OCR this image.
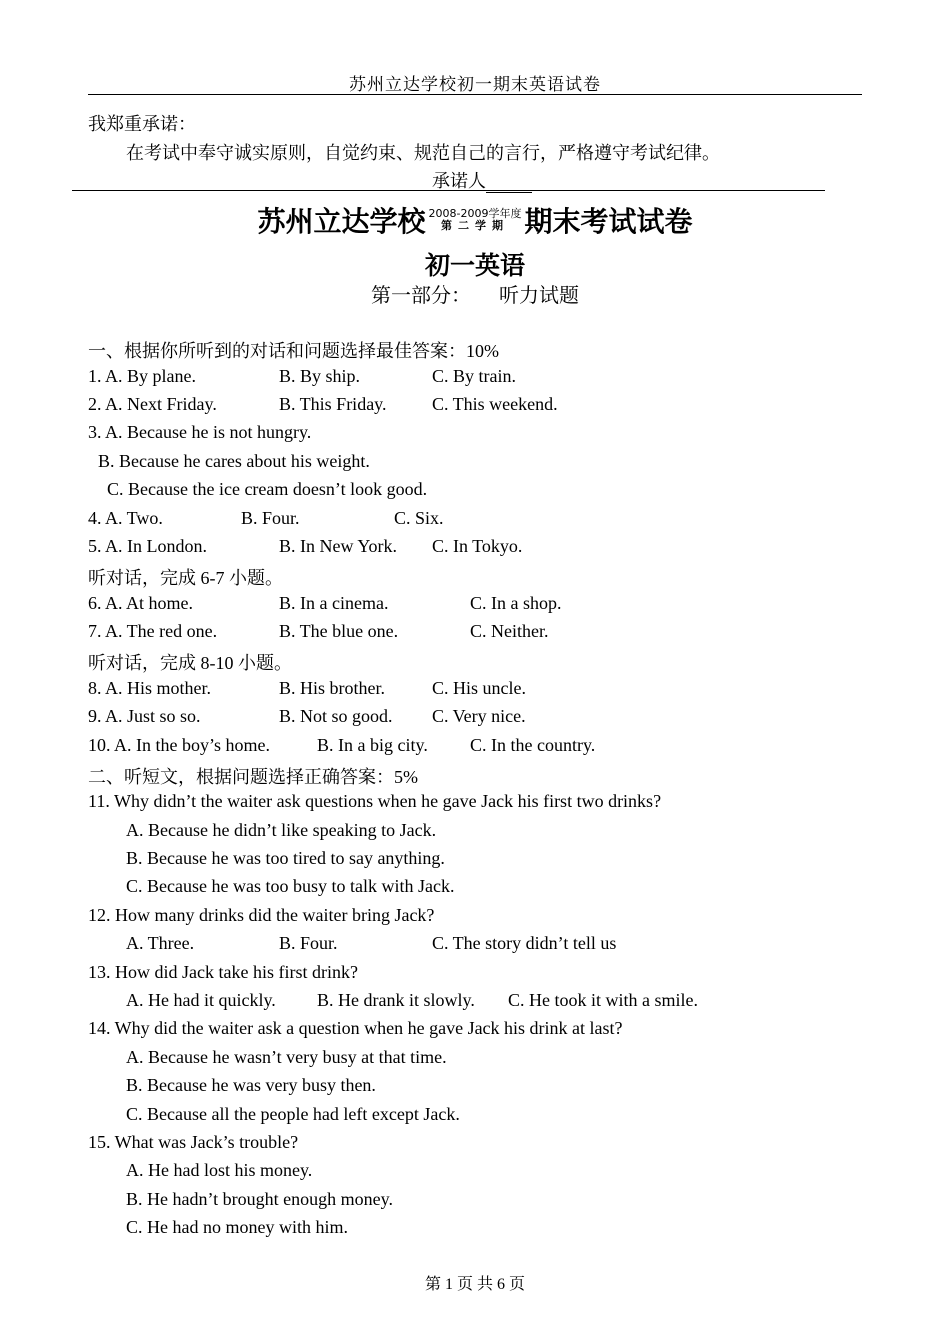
苏州立达学校初一期末英语试卷
我郑重承诺：
在考试中奉守诚实原则，自觉约束、规范自己的言行，严格遵守考试纪律。
承诺人
苏州立达学校 2008-2009学年度
第二学期 期末考试试卷
初一英语
第一部分： 听力试题
一、根据你所听到的对话和问题选择最佳答案：10%
1. A. By plane.	B. By ship.	C. By train.
2. A. Next Friday.	B. This Friday.	C. This weekend.
3. A. Because he is not hungry.
B. Because he cares about his weight.
C. Because the ice cream doesn’t look good.
4. A. Two.	B. Four.	C. Six.
5. A. In London.	B. In New York. C. In Tokyo.
听对话，完成 6-7 小题。
6. A. At home.	B. In a cinema.	C. In a shop.
7. A. The red one.	B. The blue one.	C. Neither.
听对话，完成 8-10 小题。
8. A. His mother.	B. His brother.	C. His uncle.
9. A. Just so so.	B. Not so good. C. Very nice.
10. A. In the boy’s home.	B. In a big city. C. In the country.
二、听短文，根据问题选择正确答案：5%
11. Why didn’t the waiter ask questions when he gave Jack his first two drinks?
A. Because he didn’t like speaking to Jack.
B. Because he was too tired to say anything.
C. Because he was too busy to talk with Jack.
12. How many drinks did the waiter bring Jack?
A. Three.	B. Four.	C. The story didn’t tell us
13. How did Jack take his first drink?
A. He had it quickly. B. He drank it slowly. C. He took it with a smile.
14. Why did the waiter ask a question when he gave Jack his drink at last?
A. Because he wasn’t very busy at that time.
B. Because he was very busy then.
C. Because all the people had left except Jack.
15. What was Jack’s trouble?
A. He had lost his money.
B. He hadn’t brought enough money.
C. He had no money with him.
第 1 页 共 6 页
